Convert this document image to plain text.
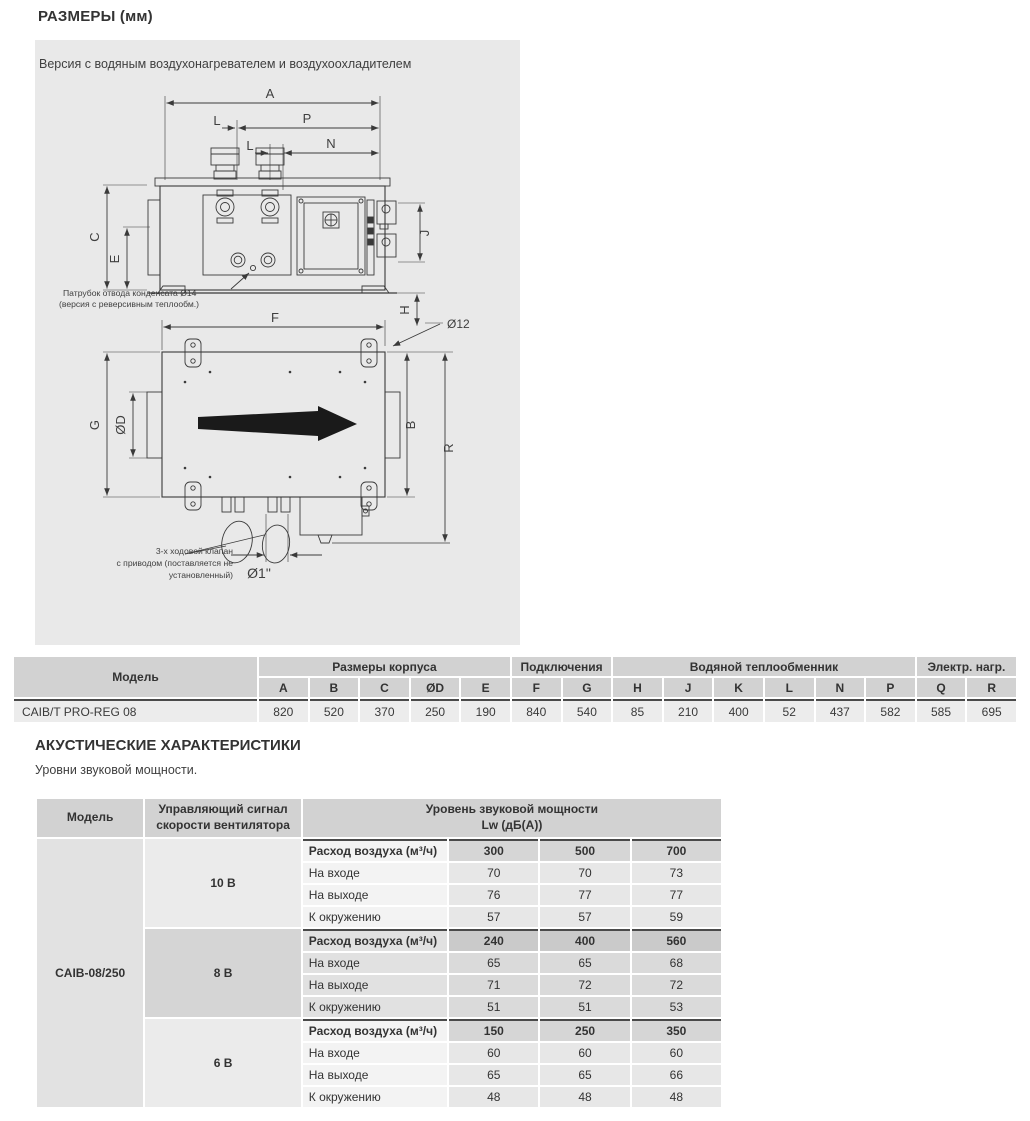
РАЗМЕРЫ (мм)
Версия с водяным воздухонагревателем и воздухоохладителем
A
P
L
L	N
C
E
J
H
Патрубок отвода конденсата Ø14
(версия с реверсивным теплообм.)
F	Ø12
G ØD	B
R
Ø1"
3-х ходовой клапан
с приводом (поставляется не
установленный)
Модель	Размеры корпуса					Подключения		Водяной теплообменник						Электр. нагр.	
	A	B	C	ØD	E	F	G	H	J	K	L	N	P	Q	R
CAIB/T PRO-REG 08	820	520	370	250	190	840	540	85	210	400	52	437	582	585	695
АКУСТИЧЕСКИЕ ХАРАКТЕРИСТИКИ
Уровни звуковой мощности.
Модель	Управляющий сигнал
скорости вентилятора	Уровень звуковой мощности
Lw (дБ(A))			
CAIB-08/250	10 В	Расход воздуха (м³/ч)	300	500	700
		На входе	70	70	73
		На выходе	76	77	77
		К окружению	57	57	59
	8 В	Расход воздуха (м³/ч)	240	400	560
		На входе	65	65	68
		На выходе	71	72	72
		К окружению	51	51	53
	6 В	Расход воздуха (м³/ч)	150	250	350
		На входе	60	60	60
		На выходе	65	65	66
		К окружению	48	48	48
